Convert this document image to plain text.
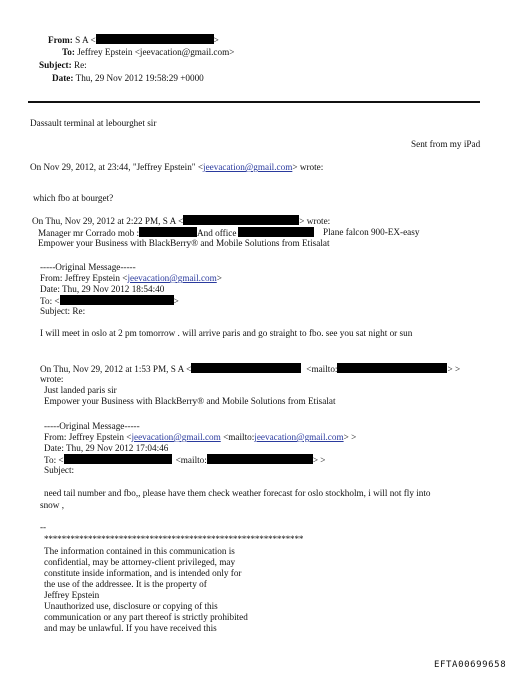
From: S A <	>
To: Jeffrey Epstein <jeevacation@gmail.com>
Subject: Re:
Date: Thu, 29 Nov 2012 19:58:29 +0000
Dassault terminal at lebourghet sir
Sent from my iPad
On Nov 29, 2012, at 23:44, "Jeffrey Epstein" <jeevacation@gmail.com> wrote:
which fbo at bourget?
On Thu, Nov 29, 2012 at 2:22 PM, S A <	> wrote:
Manager mr Corrado mob :	And office	Plane falcon 900-EX-easy
Empower your Business with BlackBerry® and Mobile Solutions from Etisalat
-----Original Message-----
From: Jeffrey Epstein <jeevacation@gmail.com>
Date: Thu, 29 Nov 2012 18:54:40
To: <	>
Subject: Re:
I will meet in oslo at 2 pm tomorrow . will arrive paris and go straight to fbo. see you sat night or sun
On Thu, Nov 29, 2012 at 1:53 PM, S A <	<mailto:	> >
wrote:
Just landed paris sir
Empower your Business with BlackBerry® and Mobile Solutions from Etisalat
-----Original Message-----
From: Jeffrey Epstein <jeevacation@gmail.com <mailto:jeevacation@gmail.com> >
Date: Thu, 29 Nov 2012 17:04:46
To: <	<mailto:	> >
Subject:
need tail number and fbo,, please have them check weather forecast for oslo stockholm, i will not fly into
snow ,
--
***********************************************************
The information contained in this communication is
confidential, may be attorney-client privileged, may
constitute inside information, and is intended only for
the use of the addressee. It is the property of
Jeffrey Epstein
Unauthorized use, disclosure or copying of this
communication or any part thereof is strictly prohibited
and may be unlawful. If you have received this
EFTA00699658
